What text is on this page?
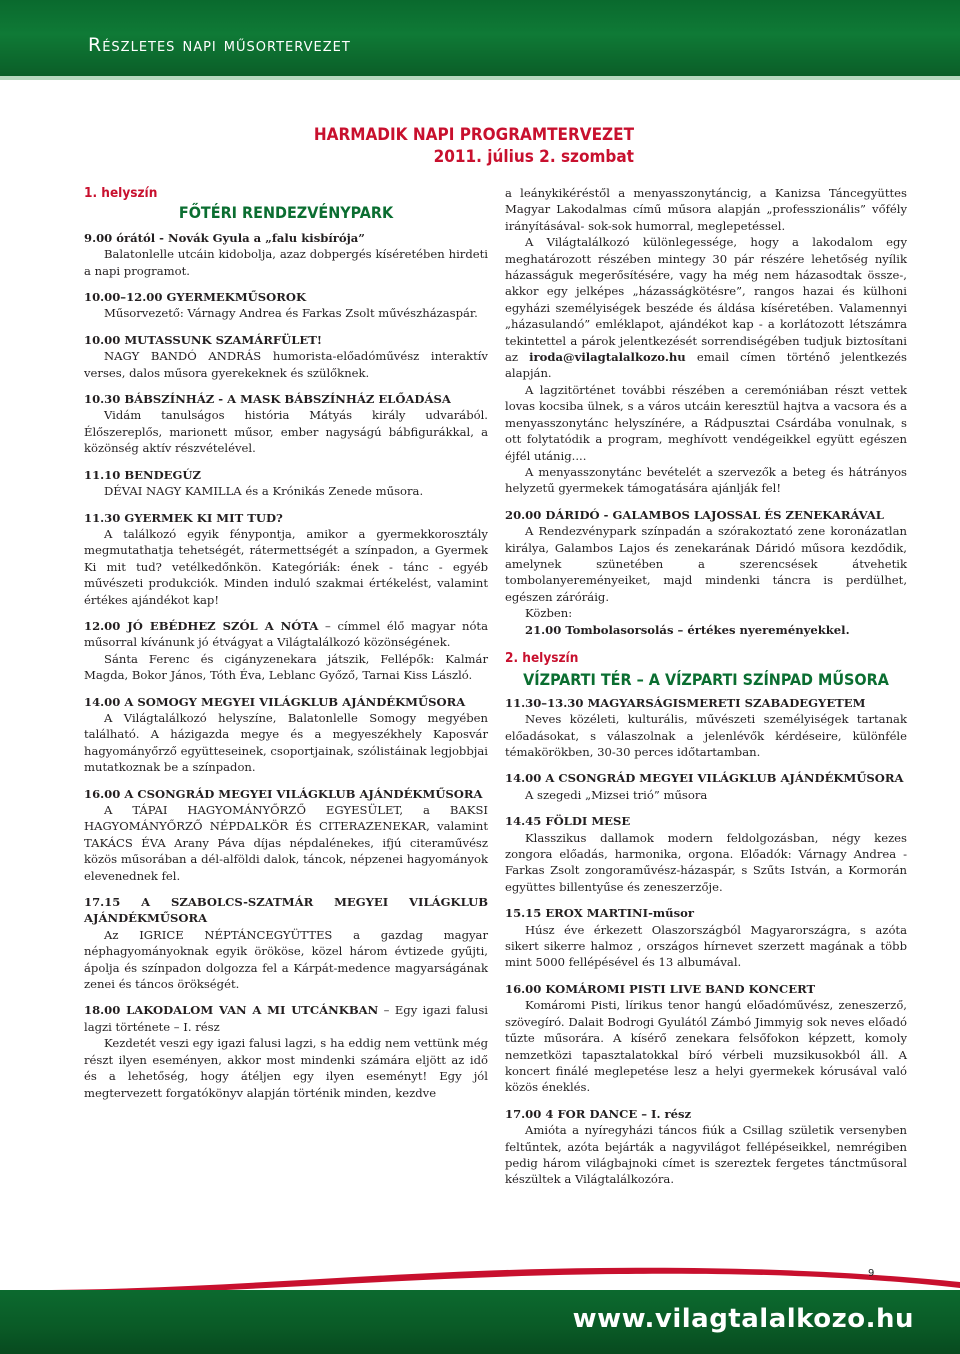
Részletes napi műsortervezet
HARMADIK NAPI PROGRAMTERVEZET
2011. július 2. szombat
1. helyszín
FŐTÉRI RENDEZVÉNYPARK

9.00 órától - Novák Gyula a „falu kisbírója”

Balatonlelle utcáin kidobolja, azaz dobpergés kíséretében hirdeti a napi programot.

10.00–12.00 GYERMEKMŰSOROK

Műsorvezető: Várnagy Andrea és Farkas Zsolt művészházaspár.

10.00 MUTASSUNK SZAMÁRFÜLET!

NAGY BANDÓ ANDRÁS humorista-előadóművész interaktív verses, dalos műsora gyerekeknek és szülőknek.

10.30 BÁBSZÍNHÁZ - A MASK BÁBSZÍNHÁZ ELŐADÁSA

Vidám tanulságos história Mátyás király udvarából. Élőszereplős, marionett műsor, ember nagyságú bábfigurákkal, a közönség aktív részvételével.

11.10 BENDEGÚZ

DÉVAI NAGY KAMILLA és a Krónikás Zenede műsora.

11.30 GYERMEK KI MIT TUD?

A találkozó egyik fénypontja, amikor a gyermekkorosztály megmutathatja tehetségét, rátermettségét a színpadon, a Gyermek Ki mit tud? vetélkedőnkön. Kategóriák: ének - tánc - egyéb művészeti produkciók. Minden induló szakmai értékelést, valamint értékes ajándékot kap!

12.00 JÓ EBÉDHEZ SZÓL A NÓTA – címmel élő magyar nóta műsorral kívánunk jó étvágyat a Világtalálkozó közönségének.

Sánta Ferenc és cigányzenekara játszik, Fellépők: Kalmár Magda, Bokor János, Tóth Éva, Leblanc Győző, Tarnai Kiss László.

14.00 A SOMOGY MEGYEI VILÁGKLUB AJÁNDÉKMŰSORA

A Világtalálkozó helyszíne, Balatonlelle Somogy megyében található. A házigazda megye és a megyeszékhely Kaposvár hagyományőrző együtteseinek, csoportjainak, szólistáinak legjobbjai mutatkoznak be a színpadon.

16.00 A CSONGRÁD MEGYEI VILÁGKLUB AJÁNDÉKMŰSORA

A TÁPAI HAGYOMÁNYŐRZŐ EGYESÜLET, a BAKSI HAGYOMÁNYŐRZŐ NÉPDALKÖR ÉS CITERAZENEKAR, valamint TAKÁCS ÉVA Arany Páva díjas népdalénekes, ifjú citeraművész közös műsorában a dél-alföldi dalok, táncok, népzenei hagyományok elevenednek fel.

17.15 A SZABOLCS-SZATMÁR MEGYEI VILÁGKLUB AJÁNDÉKMŰSORA

Az IGRICE NÉPTÁNCEGYÜTTES a gazdag magyar néphagyományoknak egyik örököse, közel három évtizede gyűjti, ápolja és színpadon dolgozza fel a Kárpát-medence magyarságának zenei és táncos örökségét.

18.00 LAKODALOM VAN A MI UTCÁNKBAN – Egy igazi falusi lagzi története – I. rész

Kezdetét veszi egy igazi falusi lagzi, s ha eddig nem vettünk még részt ilyen eseményen, akkor most mindenki számára eljött az idő és a lehetőség, hogy átéljen egy ilyen eseményt! Egy jól megtervezett forgatókönyv alapján történik minden, kezdve

a leánykikéréstől a menyasszonytáncig, a Kanizsa Táncegyüttes Magyar Lakodalmas című műsora alapján „professzionális” vőfély irányításával- sok-sok humorral, meglepetéssel.

A Világtalálkozó különlegessége, hogy a lakodalom egy meghatározott részében mintegy 30 pár részére lehetőség nyílik házasságuk megerősítésére, vagy ha még nem házasodtak össze-, akkor egy jelképes „házasságkötésre”, rangos hazai és külhoni egyházi személyiségek beszéde és áldása kíséretében. Valamennyi „házasulandó” emléklapot, ajándékot kap - a korlátozott létszámra tekintettel a párok jelentkezését sorrendiségében tudjuk biztosítani az iroda@vilagtalalkozo.hu email címen történő jelentkezés alapján.

A lagzitörténet további részében a ceremóniában részt vettek lovas kocsiba ülnek, s a város utcáin keresztül hajtva a vacsora és a menyasszonytánc helyszínére, a Rádpusztai Csárdába vonulnak, s ott folytatódik a program, meghívott vendégeikkel együtt egészen éjfél utánig....

A menyasszonytánc bevételét a szervezők a beteg és hátrányos helyzetű gyermekek támogatására ajánlják fel!

20.00 DÁRIDÓ - GALAMBOS LAJOSSAL ÉS ZENEKARÁVAL

A Rendezvénypark színpadán a szórakoztató zene koronázatlan királya, Galambos Lajos és zenekarának Dáridó műsora kezdődik, amelynek szünetében a szerencsések átvehetik tombolanyereményeiket, majd mindenki táncra is perdülhet, egészen záróráig.

Közben:

21.00 Tombolasorsolás – értékes nyereményekkel.

2. helyszín
VÍZPARTI TÉR – A VÍZPARTI SZÍNPAD MŰSORA

11.30–13.30 MAGYARSÁGISMERETI SZABADEGYETEM

Neves közéleti, kulturális, művészeti személyiségek tartanak előadásokat, s válaszolnak a jelenlévők kérdéseire, különféle témakörökben, 30-30 perces időtartamban.

14.00 A CSONGRÁD MEGYEI VILÁGKLUB AJÁNDÉKMŰSORA

A szegedi „Mizsei trió” műsora

14.45 FÖLDI MESE

Klasszikus dallamok modern feldolgozásban, négy kezes zongora előadás, harmonika, orgona. Előadók: Várnagy Andrea - Farkas Zsolt zongoraművész-házaspár, s Szűts István, a Kormorán együttes billentyűse és zeneszerzője.

15.15 EROX MARTINI-műsor

Húsz éve érkezett Olaszországból Magyarországra, s azóta sikert sikerre halmoz , országos hírnevet szerzett magának a több mint 5000 fellépésével és 13 albumával.

16.00 KOMÁROMI PISTI LIVE BAND KONCERT

Komáromi Pisti, lírikus tenor hangú előadóművész, zeneszerző, szövegíró. Dalait Bodrogi Gyulától Zámbó Jimmyig sok neves előadó tűzte műsorára. A kísérő zenekara felsőfokon képzett, komoly nemzetközi tapasztalatokkal bíró vérbeli muzsikusokból áll. A koncert finálé meglepetése lesz a helyi gyermekek kórusával való közös éneklés.

17.00 4 FOR DANCE – I. rész

Amióta a nyíregyházi táncos fiúk a Csillag születik versenyben feltűntek, azóta bejárták a nagyvilágot fellépéseikkel, nemrégiben pedig három világbajnoki címet is szereztek fergetes tánctműsoral készültek a Világtalálkozóra.

9
www.vilagtalalkozo.hu
